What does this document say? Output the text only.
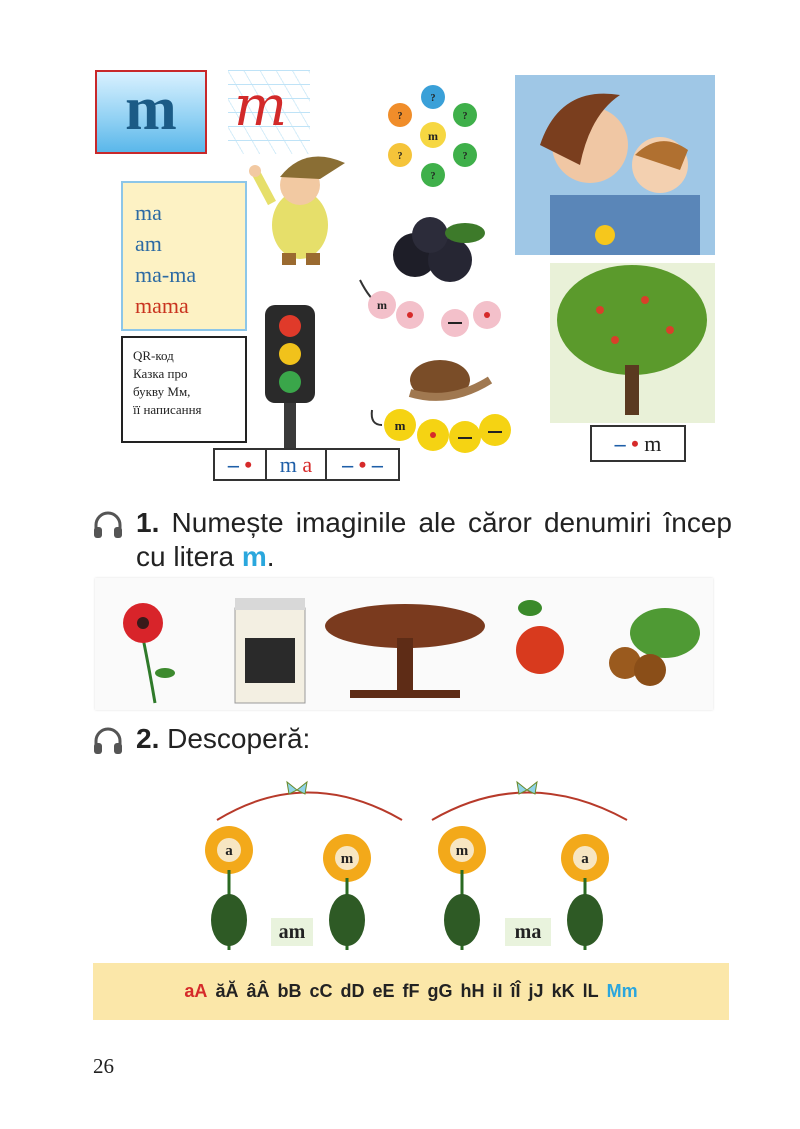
m m
ma
am
ma-ma
mama
QR-код
Казка про
букву Мм,
її написання
m
?
?
?
?
?
?
m
m
–
• m
a –
•
–
–
•
m
1. Numește imaginile ale căror denumiri încep cu litera m.
2. Descoperă:
a	m	m	a
am	ma
aA ăĂ âÂ bB cC dD eE fF gG hH iI îÎ jJ kK lL Mm
26
